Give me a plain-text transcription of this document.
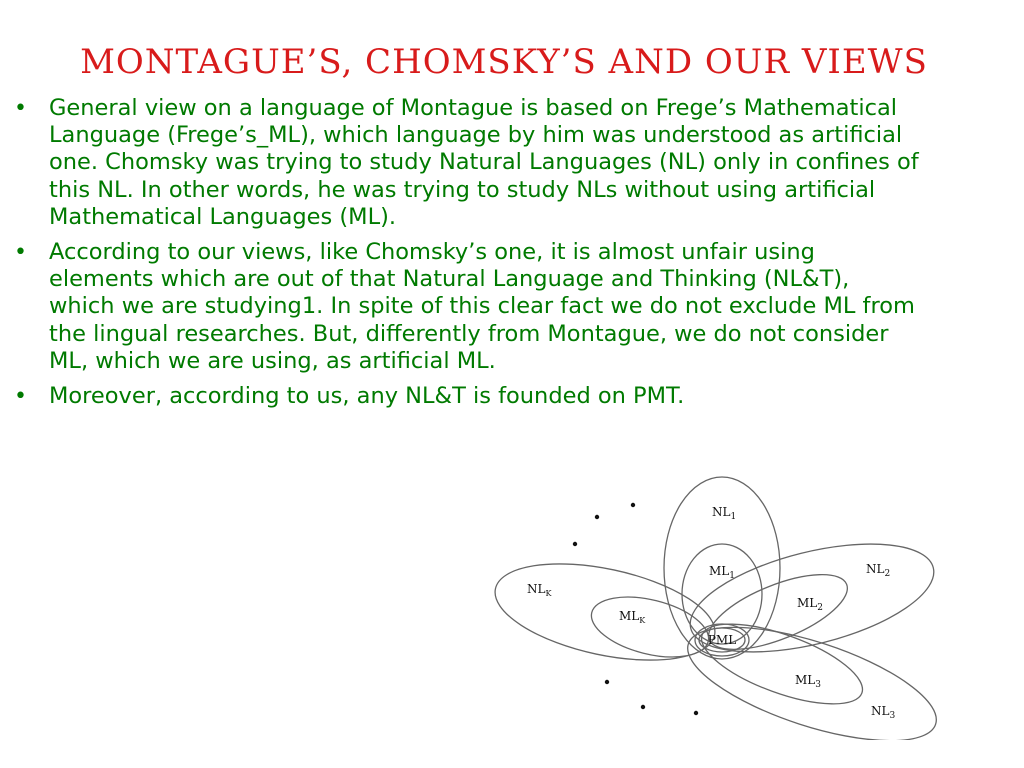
MONTAGUE’S, CHOMSKY’S AND OUR VIEWS
• General view on a language of Montague is based on Frege’s Mathematical Language (Frege’s_ML), which language by him was understood as artificial one. Chomsky was trying to study Natural Languages (NL) only in confines of this NL. In other words, he was trying to study NLs without using artificial Mathematical Languages (ML).
• According to our views, like Chomsky’s one, it is almost unfair using elements which are out of that Natural Language and Thinking (NL&T), which we are studying1. In spite of this clear fact we do not exclude ML from the lingual researches. But, differently from Montague, we do not consider ML, which we are using, as artificial ML.
• Moreover, according to us, any NL&T is founded on PMT.
$NL_1$
$NL_2$
$NL_K$
$NL_3$
$ML_1$
$ML_2$
$ML_K$
$ML_3$
PML
